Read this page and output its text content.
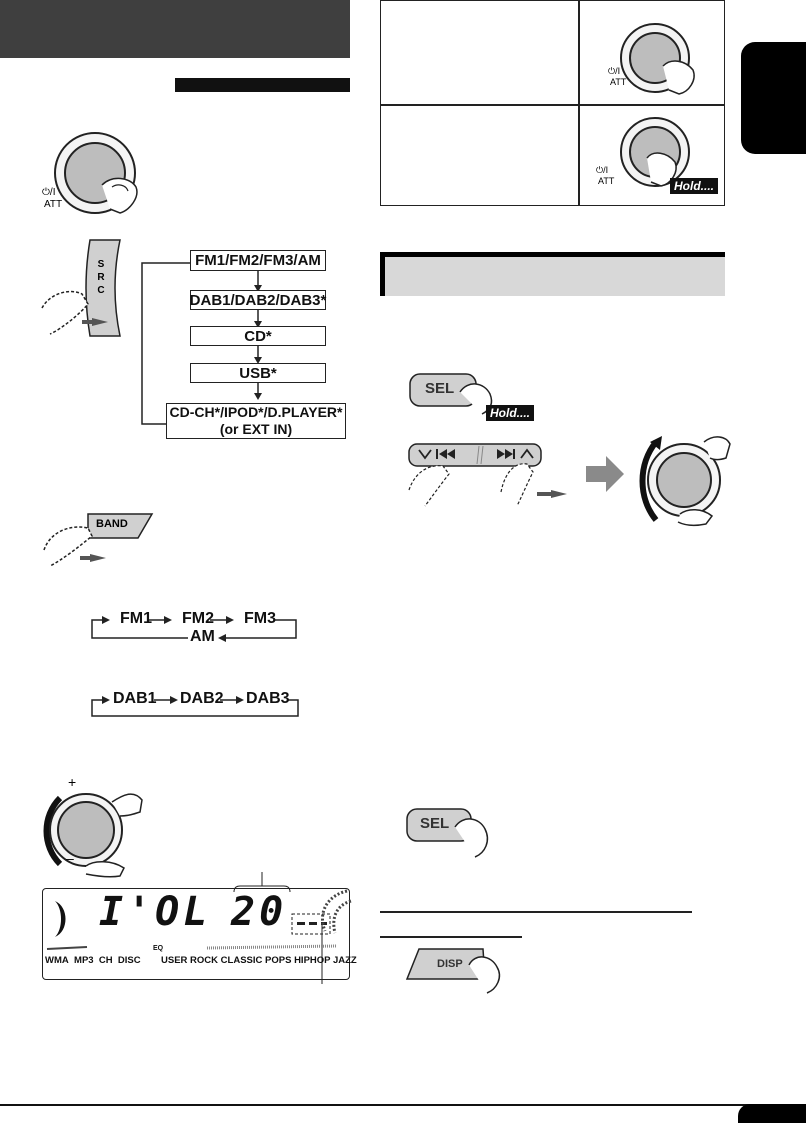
⏻/I
ATT
S
R
C
FM1/FM2/FM3/AM
DAB1/DAB2/DAB3*
CD*
USB*
CD-CH*/IPOD*/D.PLAYER*
(or EXT IN)
BAND
FM1 FM2 FM3
AM
DAB1 DAB2 DAB3
+
–
I'OL 20
WMA MP3 CH DISC
EQ
USER ROCK CLASSIC POPS HIPHOP JAZZ
⏻/I
ATT
⏻/I
ATT	Hold....
SEL
Hold....
SEL
DISP
